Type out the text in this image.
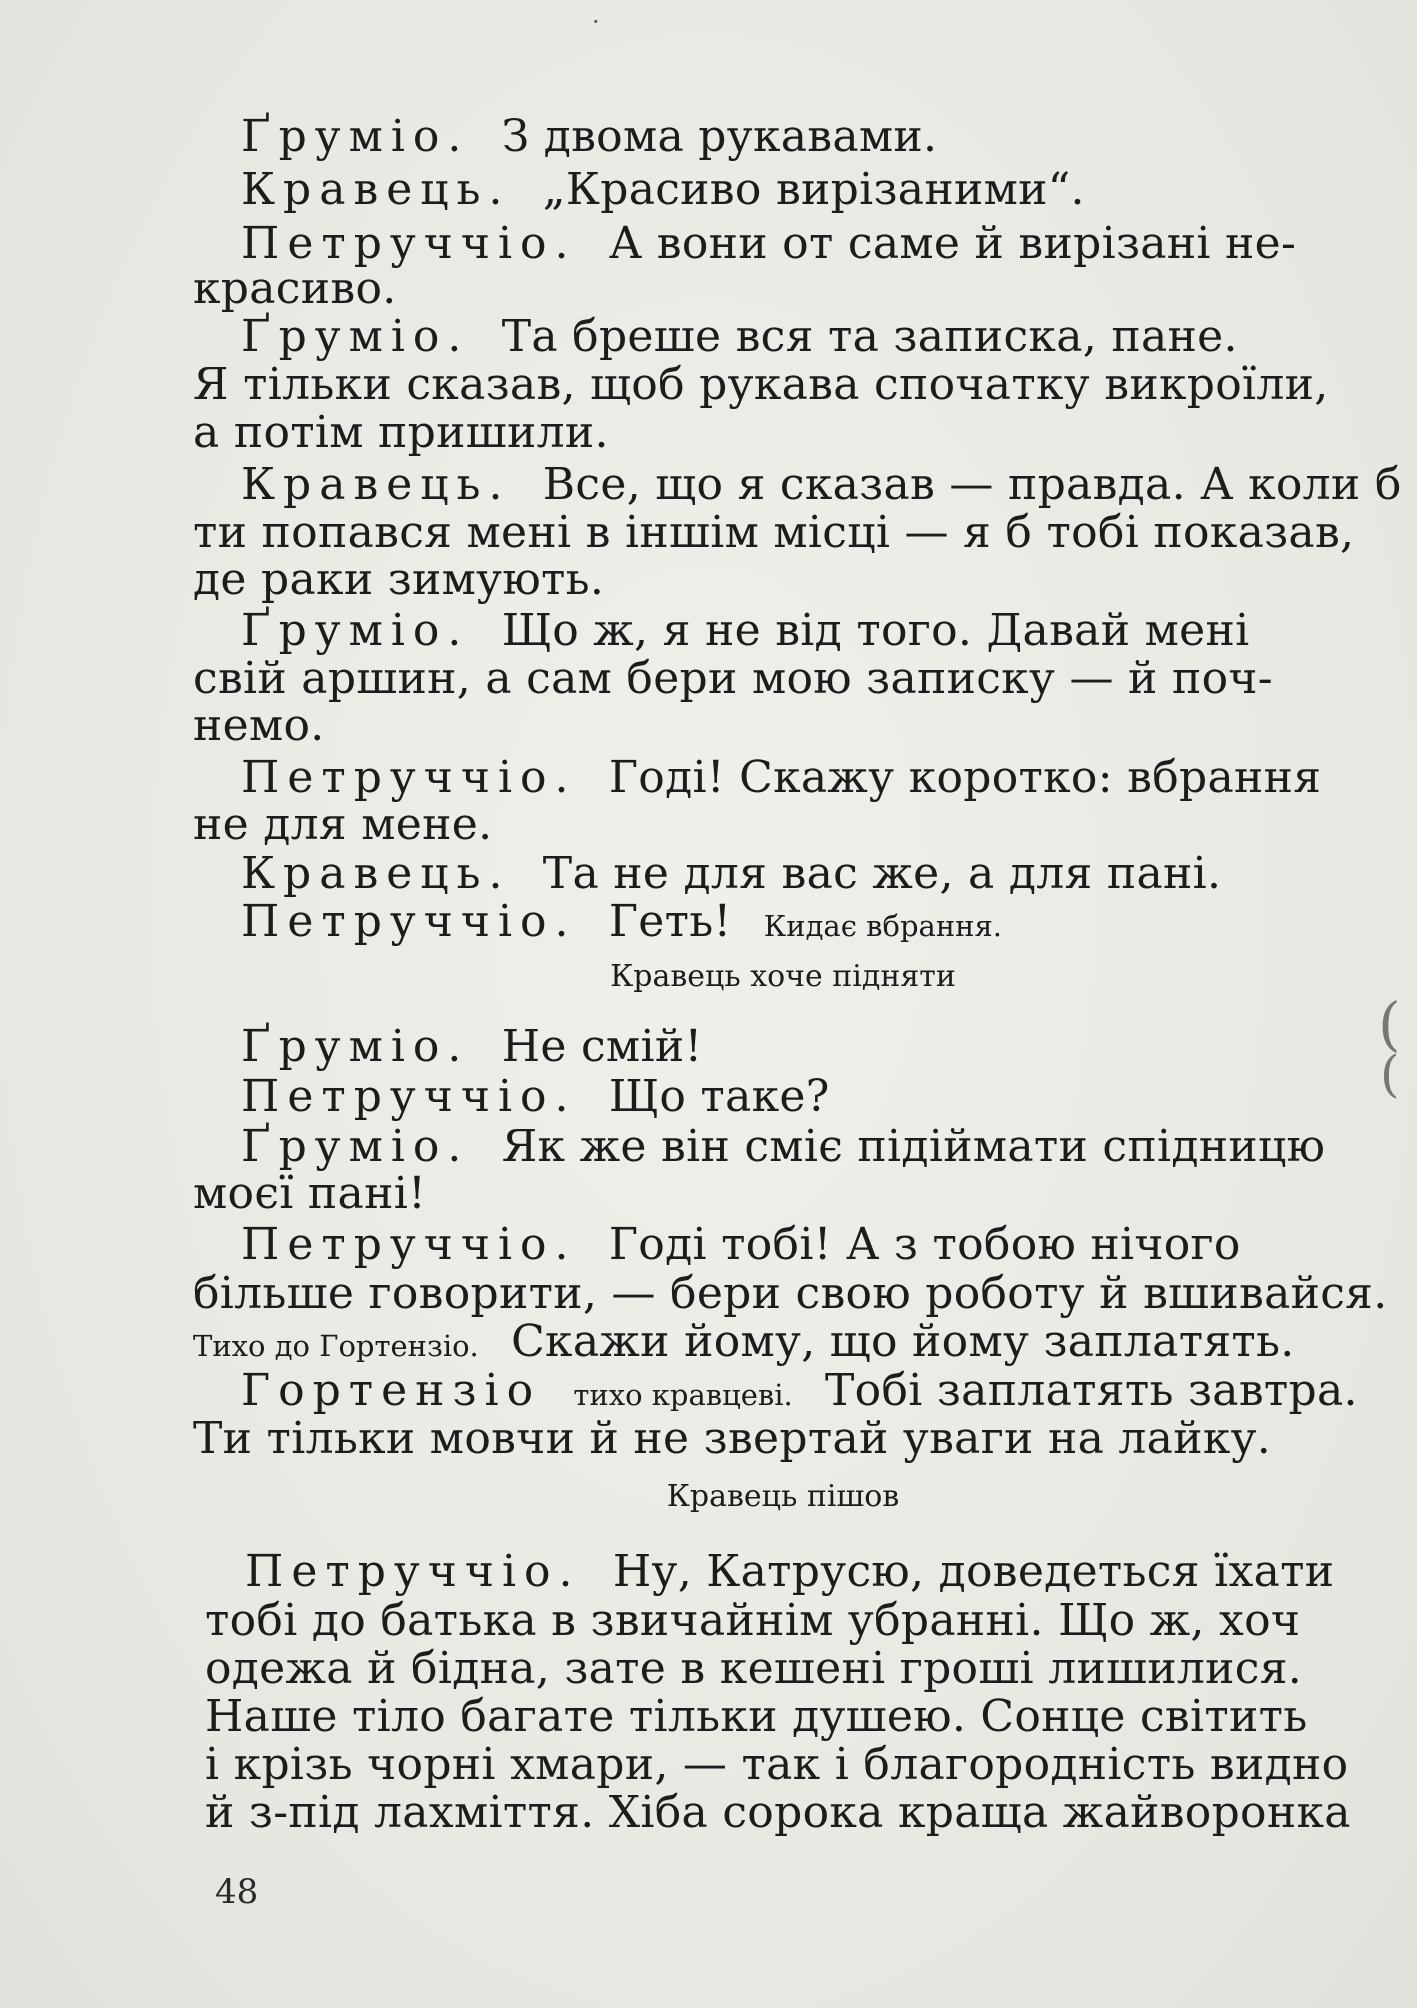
Ґруміо. З двома рукавами.
Кравець. „Красиво вирізаними“.
Петруччіо. А вони от саме й вирізані не-
красиво.
Ґруміо. Та бреше вся та записка, пане.
Я тільки сказав, щоб рукава спочатку викроїли,
а потім пришили.
Кравець. Все, що я сказав — правда. А коли б
ти попався мені в іншім місці — я б тобі показав,
де раки зимують.
Ґруміо. Що ж, я не від того. Давай мені
свій аршин, а сам бери мою записку — й поч-
немо.
Петруччіо. Годі! Скажу коротко: вбрання
не для мене.
Кравець. Та не для вас же, а для пані.
Петруччіо. Геть! Кидає вбрання.
Кравець хоче підняти
Ґруміо. Не смій!
Петруччіо. Що таке?
Ґруміо. Як же він сміє підіймати спідницю
моєї пані!
Петруччіо. Годі тобі! А з тобою нічого
більше говорити, — бери свою роботу й вшивайся.
Тихо до Гортензіо. Скажи йому, що йому заплатять.
Гортензіо тихо кравцеві. Тобі заплатять завтра.
Ти тільки мовчи й не звертай уваги на лайку.
Кравець пішов
Петруччіо. Ну, Катрусю, доведеться їхати
тобі до батька в звичайнім убранні. Що ж, хоч
одежа й бідна, зате в кешені гроші лишилися.
Наше тіло багате тільки душею. Сонце світить
і крізь чорні хмари, — так і благородність видно
й з-під лахміття. Хіба сорока краща жайворонка
48
·
(
(
